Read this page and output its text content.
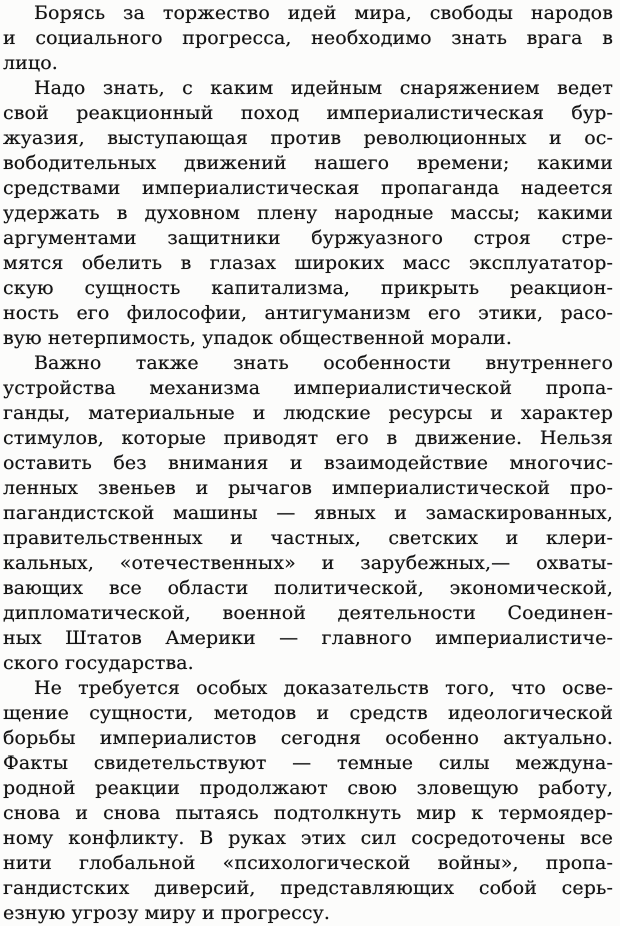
Борясь за торжество идей мира, свободы народов
и социального прогресса, необходимо знать врага в
лицо.
Надо знать, с каким идейным снаряжением ведет
свой реакционный поход империалистическая бур-
жуазия, выступающая против революционных и ос-
вободительных движений нашего времени; какими
средствами империалистическая пропаганда надеется
удержать в духовном плену народные массы; какими
аргументами защитники буржуазного строя стре-
мятся обелить в глазах широких масс эксплуататор-
скую сущность капитализма, прикрыть реакцион-
ность его философии, антигуманизм его этики, расо-
вую нетерпимость, упадок общественной морали.
Важно также знать особенности внутреннего
устройства механизма империалистической пропа-
ганды, материальные и людские ресурсы и характер
стимулов, которые приводят его в движение. Нельзя
оставить без внимания и взаимодействие многочис-
ленных звеньев и рычагов империалистической про-
пагандистской машины — явных и замаскированных,
правительственных и частных, светских и клери-
кальных, «отечественных» и зарубежных,— охваты-
вающих все области политической, экономической,
дипломатической, военной деятельности Соединен-
ных Штатов Америки — главного империалистиче-
ского государства.
Не требуется особых доказательств того, что осве-
щение сущности, методов и средств идеологической
борьбы империалистов сегодня особенно актуально.
Факты свидетельствуют — темные силы междуна-
родной реакции продолжают свою зловещую работу,
снова и снова пытаясь подтолкнуть мир к термоядер-
ному конфликту. В руках этих сил сосредоточены все
нити глобальной «психологической войны», пропа-
гандистских диверсий, представляющих собой серь-
езную угрозу миру и прогрессу.
